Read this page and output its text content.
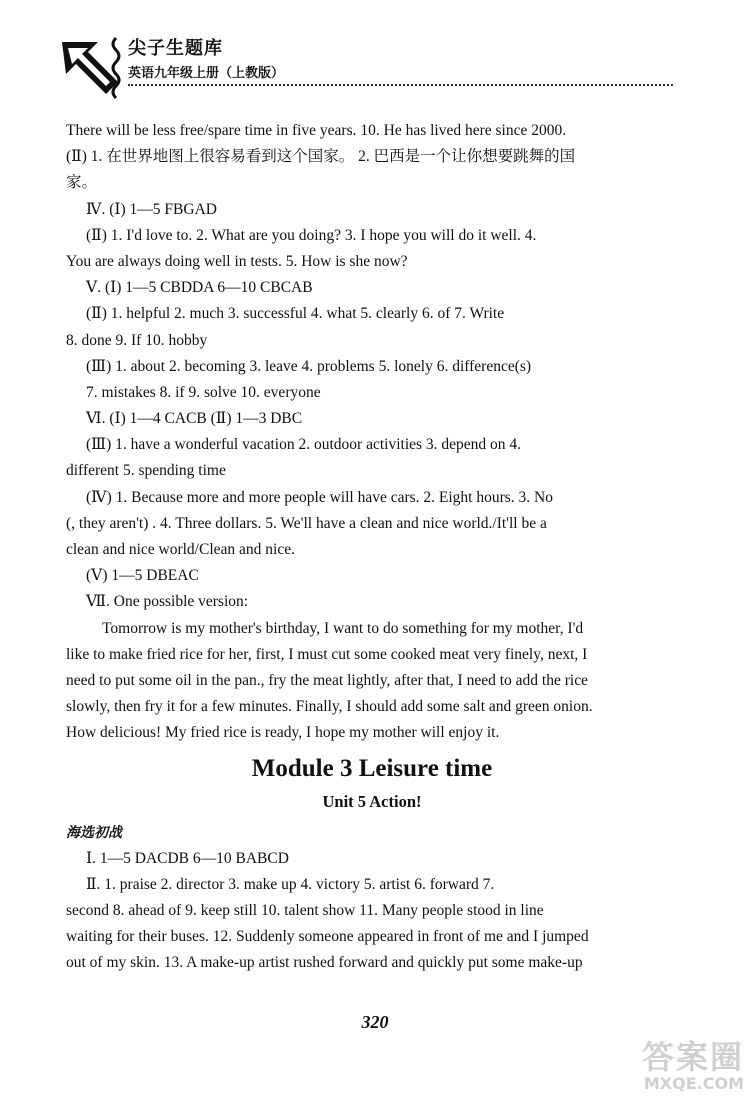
尖子生题库
英语九年级上册（上教版）
There will be less free/spare time in five years. 10. He has lived here since 2000.
(Ⅱ) 1. 在世界地图上很容易看到这个国家。 2. 巴西是一个让你想要跳舞的国
家。
Ⅳ. (Ⅰ) 1—5 FBGAD
(Ⅱ) 1. I'd love to. 2. What are you doing? 3. I hope you will do it well. 4.
You are always doing well in tests. 5. How is she now?
Ⅴ. (Ⅰ) 1—5 CBDDA 6—10 CBCAB
(Ⅱ) 1. helpful 2. much 3. successful 4. what 5. clearly 6. of 7. Write
8. done 9. If 10. hobby
(Ⅲ) 1. about 2. becoming 3. leave 4. problems 5. lonely 6. difference(s)
7. mistakes 8. if 9. solve 10. everyone
Ⅵ. (Ⅰ) 1—4 CACB (Ⅱ) 1—3 DBC
(Ⅲ) 1. have a wonderful vacation 2. outdoor activities 3. depend on 4.
different 5. spending time
(Ⅳ) 1. Because more and more people will have cars. 2. Eight hours. 3. No
(, they aren't) . 4. Three dollars. 5. We'll have a clean and nice world./It'll be a
clean and nice world/Clean and nice.
(Ⅴ) 1—5 DBEAC
Ⅶ. One possible version:
Tomorrow is my mother's birthday, I want to do something for my mother, I'd
like to make fried rice for her, first, I must cut some cooked meat very finely, next, I
need to put some oil in the pan., fry the meat lightly, after that, I need to add the rice
slowly, then fry it for a few minutes. Finally, I should add some salt and green onion.
How delicious! My fried rice is ready, I hope my mother will enjoy it.
Module 3 Leisure time
Unit 5 Action!
海选初战
Ⅰ. 1—5 DACDB 6—10 BABCD
Ⅱ. 1. praise 2. director 3. make up 4. victory 5. artist 6. forward 7.
second 8. ahead of 9. keep still 10. talent show 11. Many people stood in line
waiting for their buses. 12. Suddenly someone appeared in front of me and I jumped
out of my skin. 13. A make-up artist rushed forward and quickly put some make-up
320
答案圈
MXQE.COM
